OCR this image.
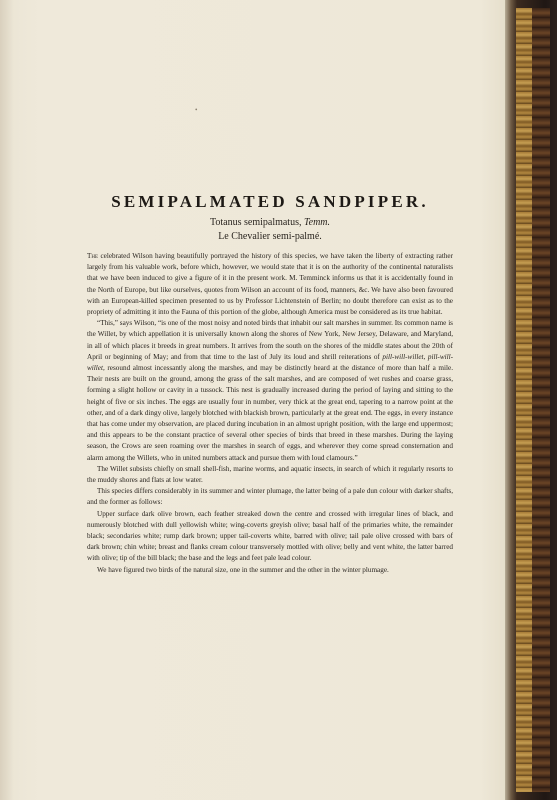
•
SEMIPALMATED SANDPIPER.
Totanus semipalmatus, Temm.
Le Chevalier semi-palmé.

The celebrated Wilson having beautifully portrayed the history of this species, we have taken the liberty of extracting rather largely from his valuable work, before which, however, we would state that it is on the authority of the continental naturalists that we have been induced to give a figure of it in the present work. M. Temminck informs us that it is accidentally found in the North of Europe, but like ourselves, quotes from Wilson an account of its food, manners, &c. We have also been favoured with an European-killed specimen presented to us by Professor Lichtenstein of Berlin; no doubt therefore can exist as to the propriety of admitting it into the Fauna of this portion of the globe, although America must be considered as its true habitat.

“This,” says Wilson, “is one of the most noisy and noted birds that inhabit our salt marshes in summer. Its common name is the Willet, by which appellation it is universally known along the shores of New York, New Jersey, Delaware, and Maryland, in all of which places it breeds in great numbers. It arrives from the south on the shores of the middle states about the 20th of April or beginning of May; and from that time to the last of July its loud and shrill reiterations of pill-will-willet, pill-will-willet, resound almost incessantly along the marshes, and may be distinctly heard at the distance of more than half a mile. Their nests are built on the ground, among the grass of the salt marshes, and are composed of wet rushes and coarse grass, forming a slight hollow or cavity in a tussock. This nest is gradually increased during the period of laying and sitting to the height of five or six inches. The eggs are usually four in number, very thick at the great end, tapering to a narrow point at the other, and of a dark dingy olive, largely blotched with blackish brown, particularly at the great end. The eggs, in every instance that has come under my observation, are placed during incubation in an almost upright position, with the large end uppermost; and this appears to be the constant practice of several other species of birds that breed in these marshes. During the laying season, the Crows are seen roaming over the marshes in search of eggs, and wherever they come spread consternation and alarm among the Willets, who in united numbers attack and pursue them with loud clamours.”

The Willet subsists chiefly on small shell-fish, marine worms, and aquatic insects, in search of which it regularly resorts to the muddy shores and flats at low water.

This species differs considerably in its summer and winter plumage, the latter being of a pale dun colour with darker shafts, and the former as follows:

Upper surface dark olive brown, each feather streaked down the centre and crossed with irregular lines of black, and numerously blotched with dull yellowish white; wing-coverts greyish olive; basal half of the primaries white, the remainder black; secondaries white; rump dark brown; upper tail-coverts white, barred with olive; tail pale olive crossed with bars of dark brown; chin white; breast and flanks cream colour transversely mottled with olive; belly and vent white, the latter barred with olive; tip of the bill black; the base and the legs and feet pale lead colour.

We have figured two birds of the natural size, one in the summer and the other in the winter plumage.
